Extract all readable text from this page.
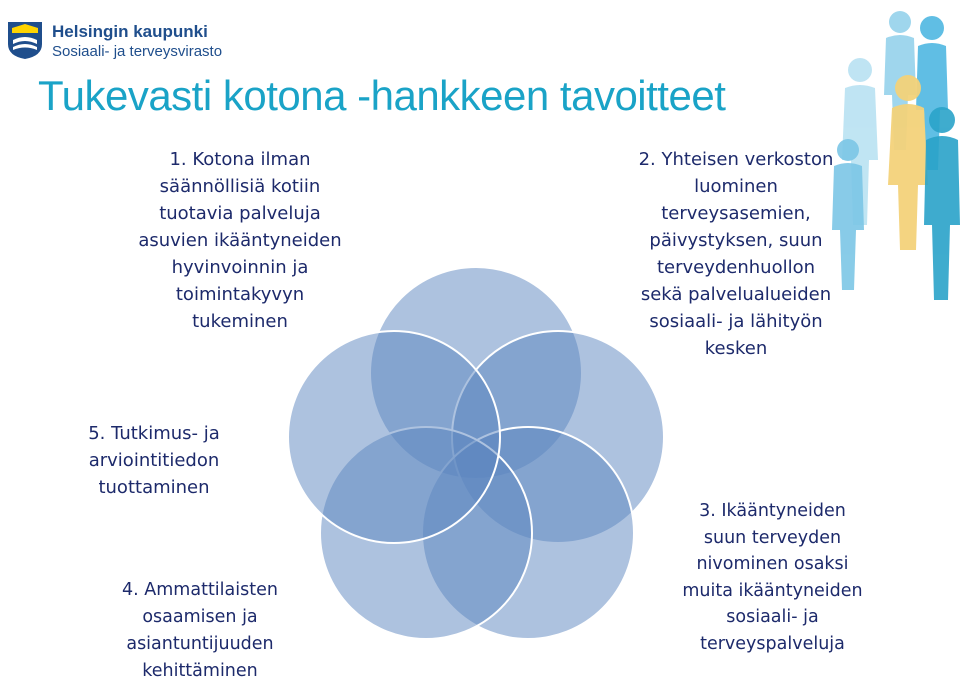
Helsingin kaupunki
Sosiaali- ja terveysvirasto
Tukevasti kotona -hankkeen tavoitteet

1. Kotona ilman
säännöllisiä kotiin
tuotavia palveluja
asuvien ikääntyneiden
hyvinvoinnin ja
toimintakyvyn
tukeminen

2. Yhteisen verkoston
luominen
terveysasemien,
päivystyksen, suun
terveydenhuollon
sekä palvelualueiden
sosiaali- ja lähityön
kesken

3. Ikääntyneiden
suun terveyden
nivominen osaksi
muita ikääntyneiden
sosiaali- ja
terveyspalveluja

4. Ammattilaisten
osaamisen ja
asiantuntijuuden
kehittäminen

5. Tutkimus- ja
arviointitiedon
tuottaminen
